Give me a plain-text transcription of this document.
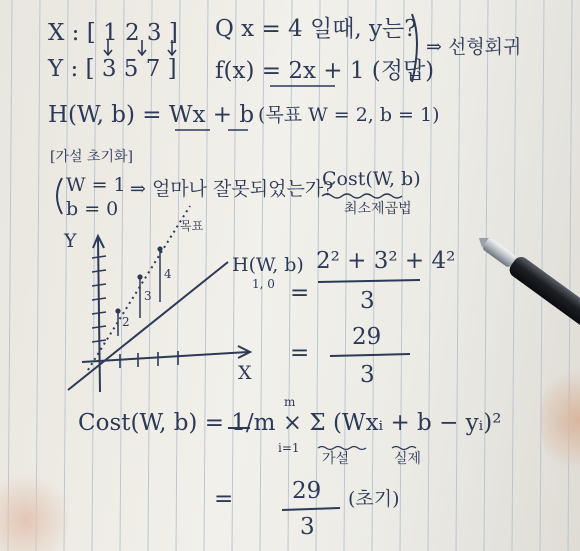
X : [ 1 2 3 ]
Y : [ 3 5 7 ]
Q x = 4 일때, y는?
f(x) = 2x + 1 (정답)
⇒ 선형회귀
H(W, b) = Wx + b (목표 W = 2, b = 1)
[가설 초기화]
W = 1
b = 0
⇒ 얼마나 잘못되었는가?
Cost(W, b)
최소제곱법
목표
H(W, b)
1, 0
Y
X
2
3
4
=
2² + 3² + 4²
3
=
29
3
Cost(W, b) = 1/m × Σ (Wxᵢ + b − yᵢ)²
m
i=1
가설	실제
=	29
3
(초기)
